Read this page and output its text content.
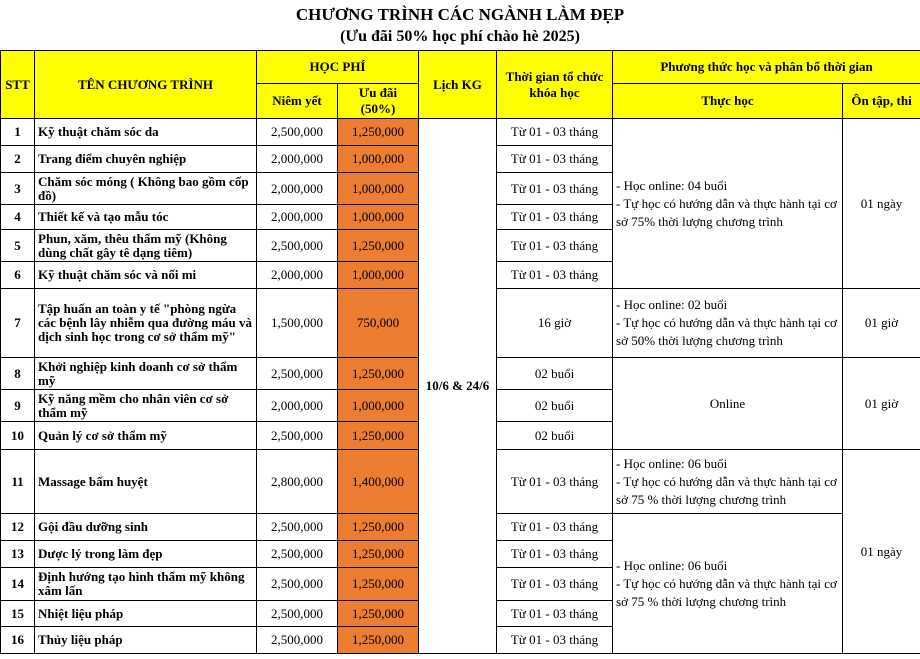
CHƯƠNG TRÌNH CÁC NGÀNH LÀM ĐẸP
(Ưu đãi 50% học phí chào hè 2025)
STT	TÊN CHƯƠNG TRÌNH	HỌC PHÍ		Lịch KG	Thời gian tổ chức khóa học	Phương thức học và phân bổ thời gian	
		Niêm yết	Ưu đãi (50%)			Thực học	Ôn tập, thi
1	Kỹ thuật chăm sóc da	2,500,000	1,250,000	10/6 & 24/6	Từ 01 - 03 tháng	- Học online: 04 buổi
- Tự học có hướng dẫn và thực hành tại cơ sở 75% thời lượng chương trình	01 ngày
2	Trang điểm chuyên nghiệp	2,000,000	1,000,000		Từ 01 - 03 tháng		
3	Chăm sóc móng ( Không bao gồm cốp đồ)	2,000,000	1,000,000		Từ 01 - 03 tháng		
4	Thiết kế và tạo mẫu tóc	2,000,000	1,000,000		Từ 01 - 03 tháng		
5	Phun, xăm, thêu thẩm mỹ (Không dùng chất gây tê dạng tiêm)	2,500,000	1,250,000		Từ 01 - 03 tháng		
6	Kỹ thuật chăm sóc và nối mi	2,000,000	1,000,000		Từ 01 - 03 tháng		
7	Tập huấn an toàn y tế "phòng ngừa các bệnh lây nhiễm qua đường máu và dịch sinh học trong cơ sở thẩm mỹ"	1,500,000	750,000		16 giờ	- Học online: 02 buổi
- Tự học có hướng dẫn và thực hành tại cơ sở 50% thời lượng chương trình	01 giờ
8	Khởi nghiệp kinh doanh cơ sở thẩm mỹ	2,500,000	1,250,000		02 buổi	Online	01 giờ
9	Kỹ năng mềm cho nhân viên cơ sở thẩm mỹ	2,000,000	1,000,000		02 buổi		
10	Quản lý cơ sở thẩm mỹ	2,500,000	1,250,000		02 buổi		
11	Massage bấm huyệt	2,800,000	1,400,000		Từ 01 - 03 tháng	- Học online: 06 buổi
- Tự học có hướng dẫn và thực hành tại cơ sở 75 % thời lượng chương trình	01 ngày
12	Gội đầu dưỡng sinh	2,500,000	1,250,000		Từ 01 - 03 tháng	- Học online: 06 buổi
- Tự học có hướng dẫn và thực hành tại cơ sở 75 % thời lượng chương trình	

13	Dược lý trong làm đẹp	2,500,000	1,250,000		Từ 01 - 03 tháng		
14	Định hướng tạo hình thẩm mỹ không xâm lấn	2,500,000	1,250,000		Từ 01 - 03 tháng		
15	Nhiệt liệu pháp	2,500,000	1,250,000		Từ 01 - 03 tháng		
16	Thủy liệu pháp	2,500,000	1,250,000		Từ 01 - 03 tháng		
